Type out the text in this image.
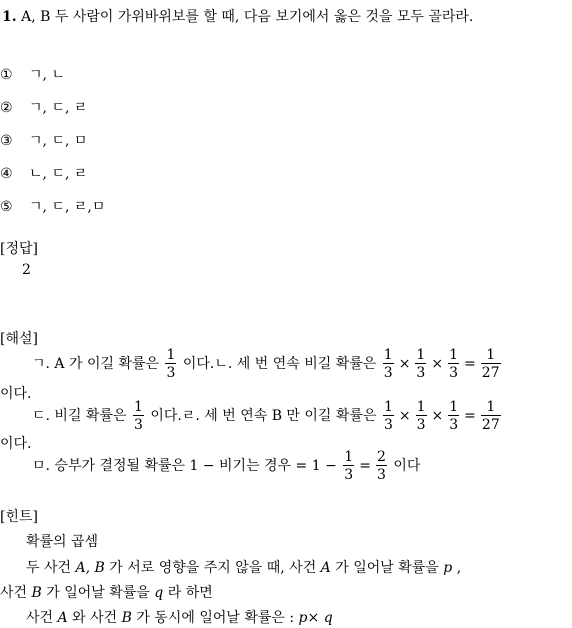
1. A, B 두 사람이 가위바위보를 할 때, 다음 보기에서 옳은 것을 모두 골라라.
① ㄱ, ㄴ
② ㄱ, ㄷ, ㄹ
③ ㄱ, ㄷ, ㅁ
④ ㄴ, ㄷ, ㄹ
⑤ ㄱ, ㄷ, ㄹ,ㅁ
[정답]
2
[해설]
ㄱ. A 가 이길 확률은 $\frac{1}{3}$ 이다.ㄴ. 세 번 연속 비길 확률은 $\frac{1}{3} \times \frac{1}{3} \times \frac{1}{3} = \frac{1}{27}$
이다.
ㄷ. 비길 확률은 $\frac{1}{3}$ 이다.ㄹ. 세 번 연속 B 만 이길 확률은 $\frac{1}{3} \times \frac{1}{3} \times \frac{1}{3} = \frac{1}{27}$
이다.
ㅁ. 승부가 결정될 확률은 1 − 비기는 경우 = $1 - \frac{1}{3} = \frac{2}{3}$ 이다
[힌트]
확률의 곱셈
두 사건 A, B 가 서로 영향을 주지 않을 때, 사건 A 가 일어날 확률을 p ,
사건 B 가 일어날 확률을 q 라 하면
사건 A 와 사건 B 가 동시에 일어날 확률은 : p× q
